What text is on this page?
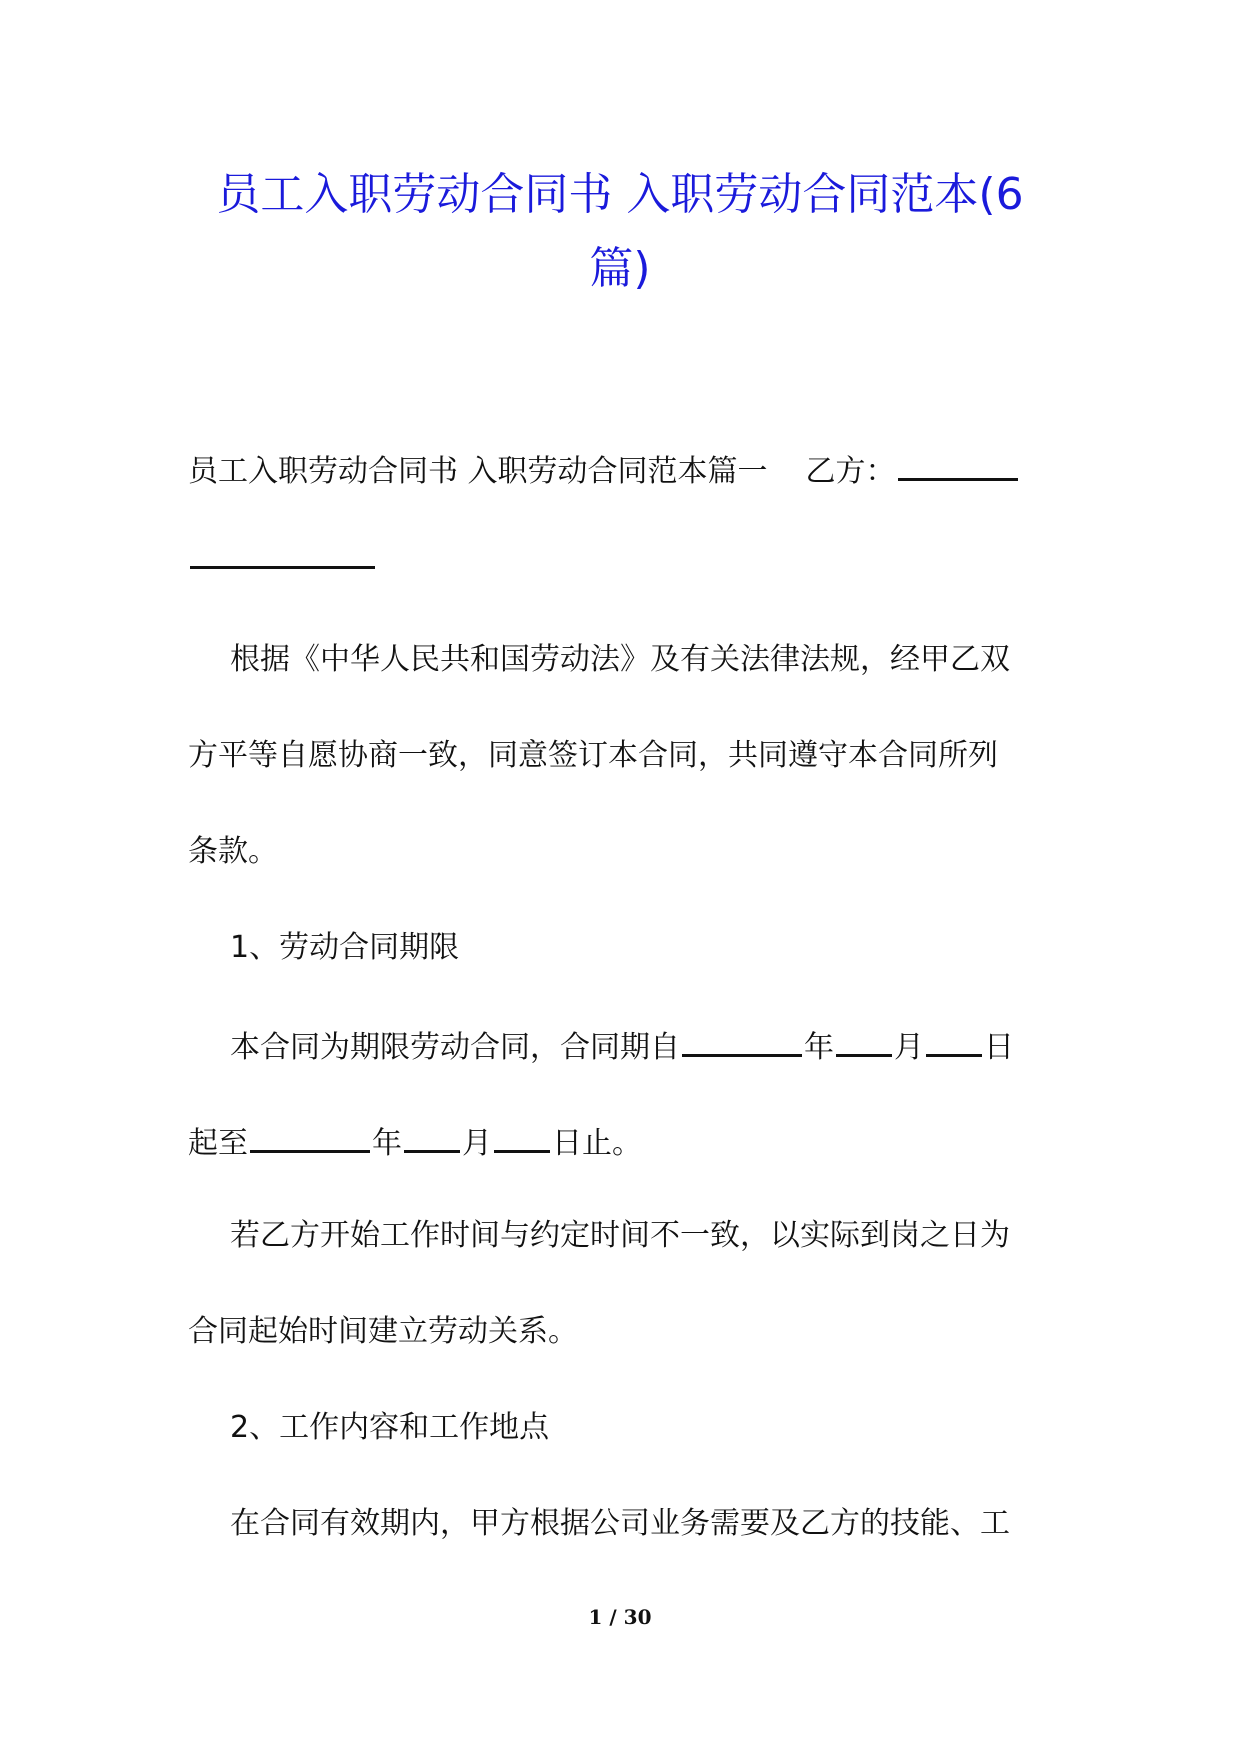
员工入职劳动合同书 入职劳动合同范本(6篇)
员工入职劳动合同书 入职劳动合同范本篇一 乙方：
根据《中华人民共和国劳动法》及有关法律法规，经甲乙双
方平等自愿协商一致，同意签订本合同，共同遵守本合同所列
条款。
1、劳动合同期限
本合同为期限劳动合同，合同期自	年 月 日
起至	年 月 日止。
若乙方开始工作时间与约定时间不一致，以实际到岗之日为
合同起始时间建立劳动关系。
2、工作内容和工作地点
在合同有效期内，甲方根据公司业务需要及乙方的技能、工
1 / 30
